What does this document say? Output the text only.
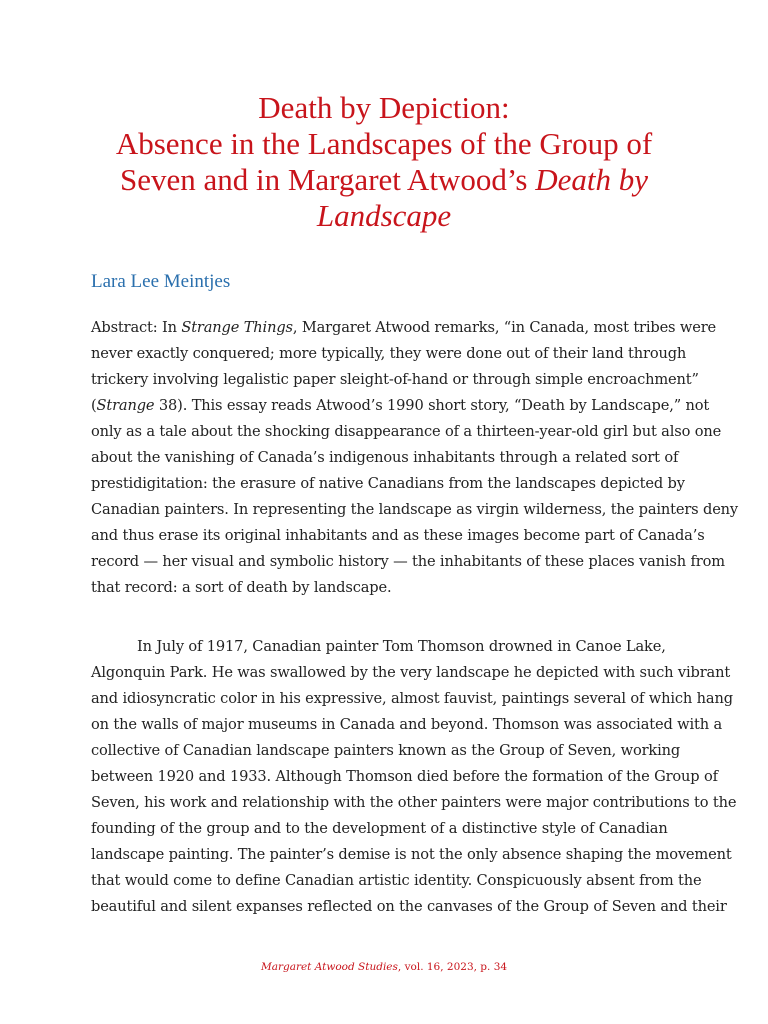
Death by Depiction:
Absence in the Landscapes of the Group of
Seven and in Margaret Atwood’s Death by
Landscape
Lara Lee Meintjes

Abstract: In Strange Things, Margaret Atwood remarks, “in Canada, most tribes were
never exactly conquered; more typically, they were done out of their land through
trickery involving legalistic paper sleight-of-hand or through simple encroachment”
(Strange 38). This essay reads Atwood’s 1990 short story, “Death by Landscape,” not
only as a tale about the shocking disappearance of a thirteen-year-old girl but also one
about the vanishing of Canada’s indigenous inhabitants through a related sort of
prestidigitation: the erasure of native Canadians from the landscapes depicted by
Canadian painters. In representing the landscape as virgin wilderness, the painters deny
and thus erase its original inhabitants and as these images become part of Canada’s
record — her visual and symbolic history — the inhabitants of these places vanish from
that record: a sort of death by landscape.

In July of 1917, Canadian painter Tom Thomson drowned in Canoe Lake,
Algonquin Park. He was swallowed by the very landscape he depicted with such vibrant
and idiosyncratic color in his expressive, almost fauvist, paintings several of which hang
on the walls of major museums in Canada and beyond. Thomson was associated with a
collective of Canadian landscape painters known as the Group of Seven, working
between 1920 and 1933. Although Thomson died before the formation of the Group of
Seven, his work and relationship with the other painters were major contributions to the
founding of the group and to the development of a distinctive style of Canadian
landscape painting. The painter’s demise is not the only absence shaping the movement
that would come to define Canadian artistic identity. Conspicuously absent from the
beautiful and silent expanses reflected on the canvases of the Group of Seven and their

Margaret Atwood Studies, vol. 16, 2023, p. 34
